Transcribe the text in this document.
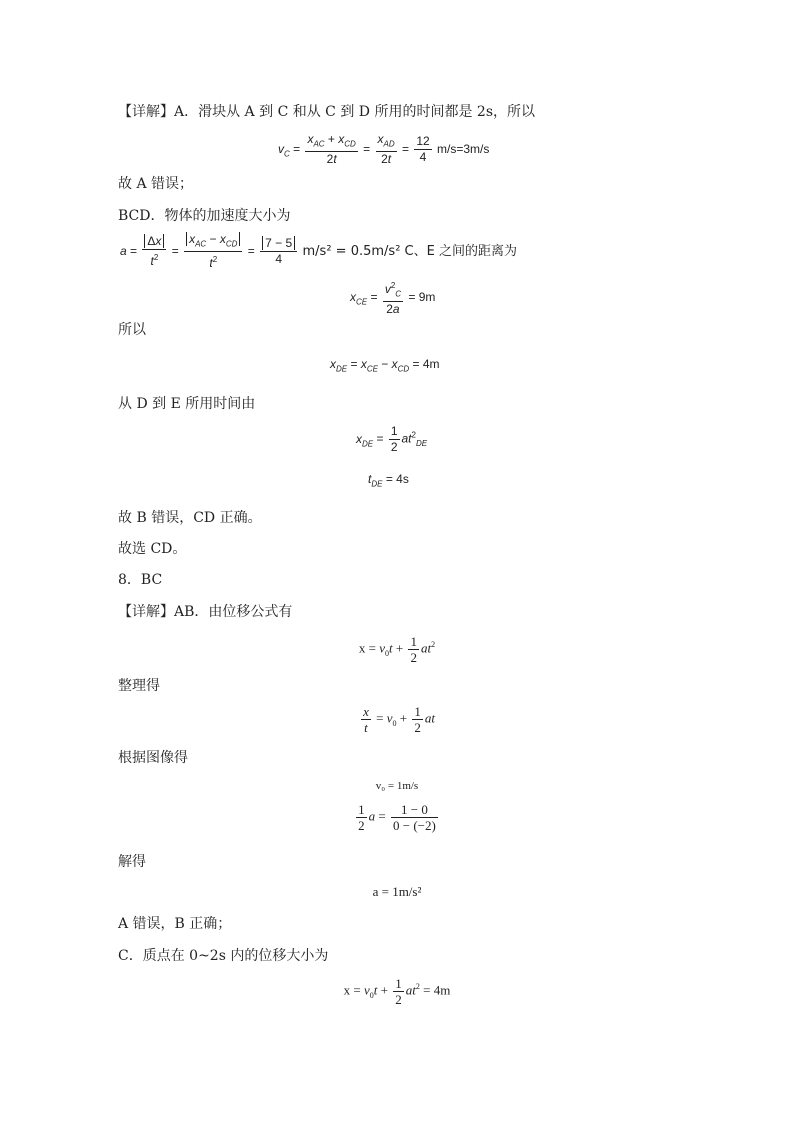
【详解】A．滑块从 A 到 C 和从 C 到 D 所用的时间都是 2s，所以
$v_C = \frac{x_{AC} + x_{CD}}{2t} = \frac{x_{AD}}{2t} = \frac{12}{4} m/s=3m/s$
故 A 错误；
BCD．物体的加速度大小为
$a = \frac{\Delta x}{t^2} = \frac{x_{AC} - x_{CD}}{t^2} = \frac{7 - 5}{4} m/s^2 = 0.5m/s^2$ C、E 之间的距离为
$x_{CE} = \frac{v^2_C}{2a} = 9m$
所以
$x_{DE} = x_{CE} - x_{CD} = 4m$
从 D 到 E 所用时间由
$x_{DE} = \frac{1}{2} at^2_{DE}$
$t_{DE} = 4s$
故 B 错误，CD 正确。
故选 CD。
8．BC
【详解】AB．由位移公式有
$x = v_0t + \frac{1}{2} at^2$
整理得
$\frac{x}{t} = v_0 + \frac{1}{2}$ at
根据图像得
v₀ = 1m/s
$\frac{1}{2}$ $a = \frac{1 - 0}{0 - (-2)}$
解得
a = 1m/s²
A 错误，B 正确；
C．质点在 0~2s 内的位移大小为
$x = v_0t + \frac{1}{2} at^2 = 4m$
